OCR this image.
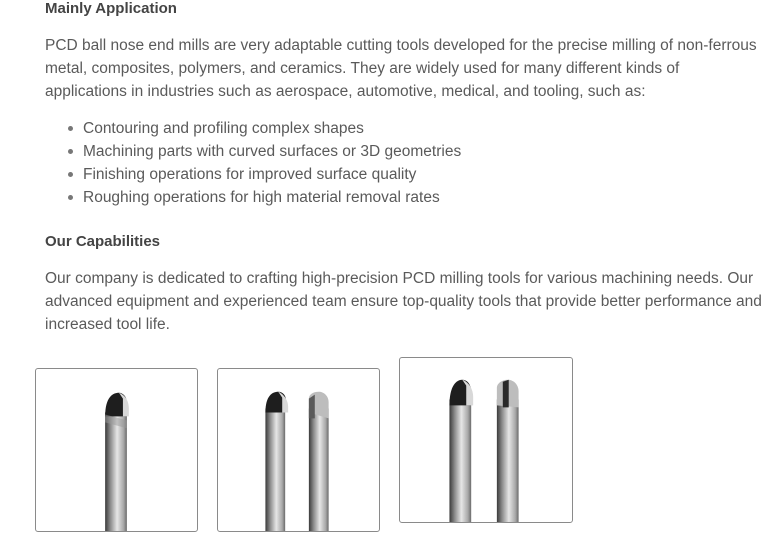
Mainly Application

PCD ball nose end mills are very adaptable cutting tools developed for the precise milling of non-ferrous metal, composites, polymers, and ceramics. They are widely used for many different kinds of applications in industries such as aerospace, automotive, medical, and tooling, such as:

Contouring and profiling complex shapes
Machining parts with curved surfaces or 3D geometries
Finishing operations for improved surface quality
Roughing operations for high material removal rates
Our Capabilities

Our company is dedicated to crafting high-precision PCD milling tools for various machining needs. Our advanced equipment and experienced team ensure top-quality tools that provide better performance and increased tool life.
